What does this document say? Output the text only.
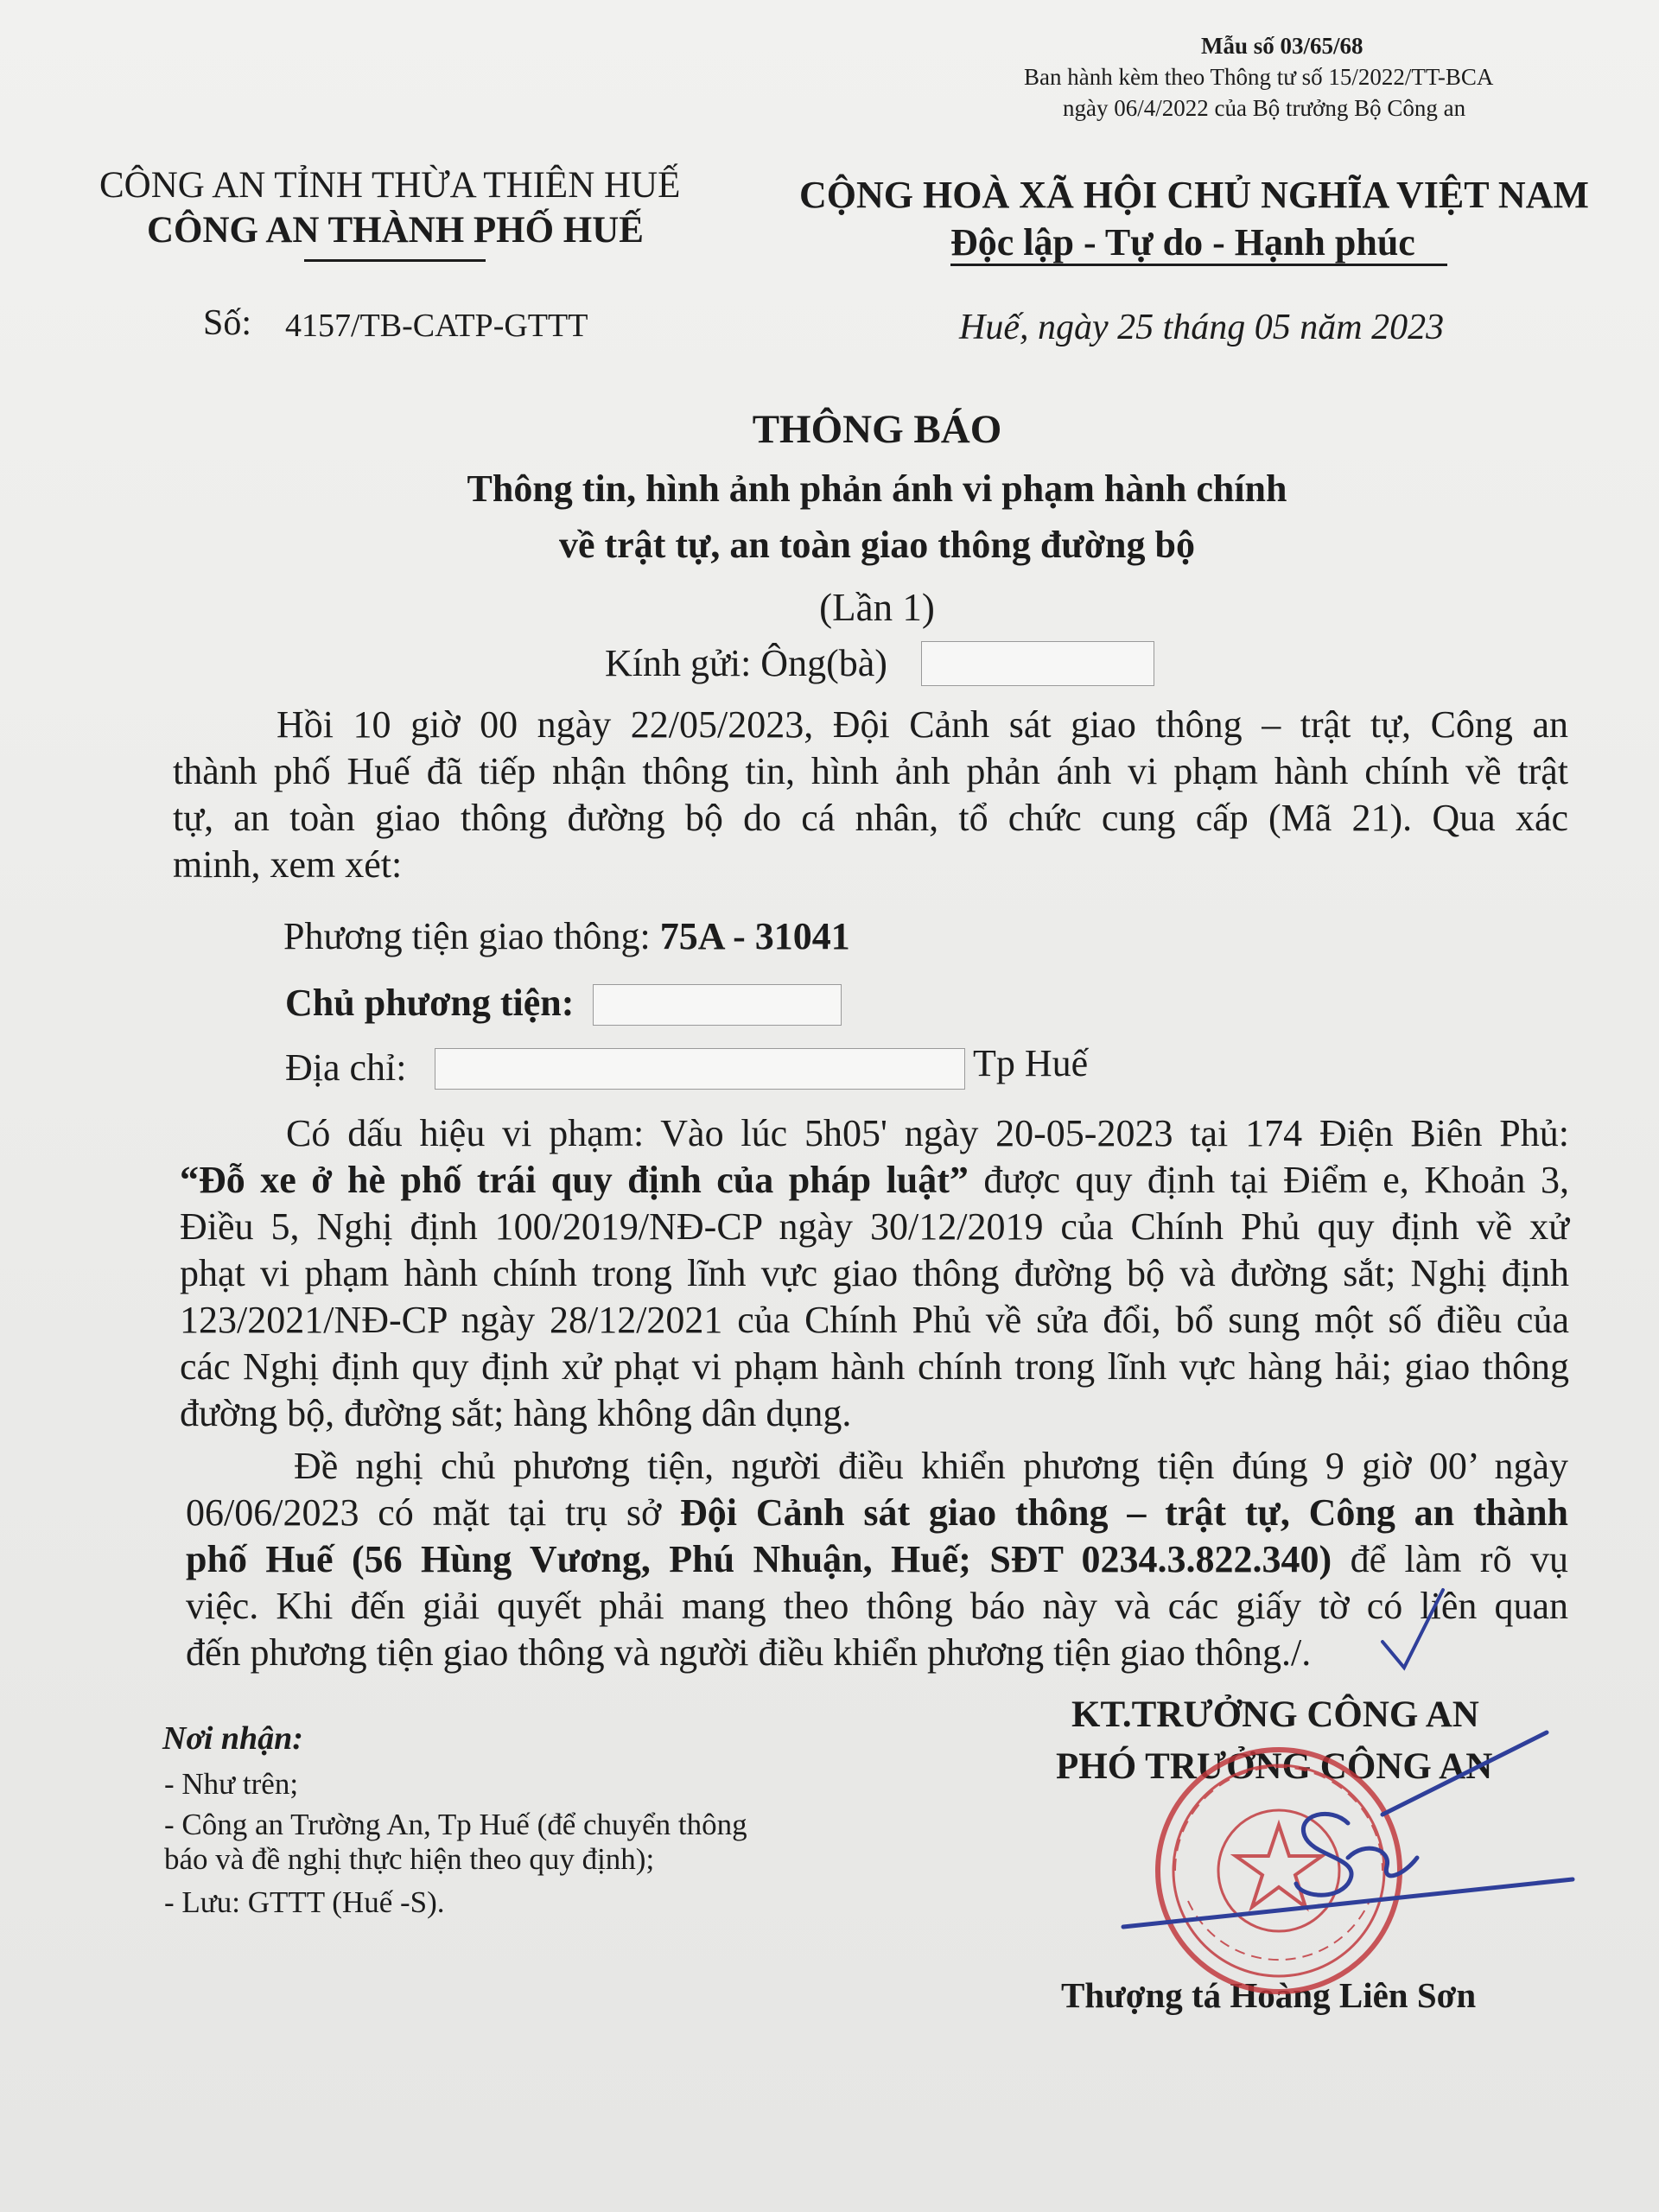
Mẫu số 03/65/68
Ban hành kèm theo Thông tư số 15/2022/TT-BCA
ngày 06/4/2022 của Bộ trưởng Bộ Công an
CÔNG AN TỈNH THỪA THIÊN HUẾ
CÔNG AN THÀNH PHỐ HUẾ
CỘNG HOÀ XÃ HỘI CHỦ NGHĨA VIỆT NAM
Độc lập - Tự do - Hạnh phúc
Số: 4157/TB-CATP-GTTT	Huế, ngày 25 tháng 05 năm 2023
THÔNG BÁO
Thông tin, hình ảnh phản ánh vi phạm hành chính
về trật tự, an toàn giao thông đường bộ
(Lần 1)
Kính gửi: Ông(bà)
Hồi 10 giờ 00 ngày 22/05/2023, Đội Cảnh sát giao thông – trật tự, Công an
thành phố Huế đã tiếp nhận thông tin, hình ảnh phản ánh vi phạm hành chính về trật
tự, an toàn giao thông đường bộ do cá nhân, tổ chức cung cấp (Mã 21). Qua xác
minh, xem xét:
Phương tiện giao thông: 75A - 31041
Chủ phương tiện:
Địa chỉ:	Tp Huế
Có dấu hiệu vi phạm: Vào lúc 5h05' ngày 20-05-2023 tại 174 Điện Biên Phủ:
“Đỗ xe ở hè phố trái quy định của pháp luật” được quy định tại Điểm e, Khoản 3,
Điều 5, Nghị định 100/2019/NĐ-CP ngày 30/12/2019 của Chính Phủ quy định về xử
phạt vi phạm hành chính trong lĩnh vực giao thông đường bộ và đường sắt; Nghị định
123/2021/NĐ-CP ngày 28/12/2021 của Chính Phủ về sửa đổi, bổ sung một số điều của
các Nghị định quy định xử phạt vi phạm hành chính trong lĩnh vực hàng hải; giao thông
đường bộ, đường sắt; hàng không dân dụng.
Đề nghị chủ phương tiện, người điều khiển phương tiện đúng 9 giờ 00’ ngày
06/06/2023 có mặt tại trụ sở Đội Cảnh sát giao thông – trật tự, Công an thành
phố Huế (56 Hùng Vương, Phú Nhuận, Huế; SĐT 0234.3.822.340) để làm rõ vụ
việc. Khi đến giải quyết phải mang theo thông báo này và các giấy tờ có liên quan
đến phương tiện giao thông và người điều khiển phương tiện giao thông./.
Nơi nhận:
- Như trên;
- Công an Trường An, Tp Huế (để chuyển thông
báo và đề nghị thực hiện theo quy định);
- Lưu: GTTT (Huế -S).
KT.TRƯỞNG CÔNG AN
PHÓ TRƯỞNG CÔNG AN
Thượng tá Hoàng Liên Sơn
